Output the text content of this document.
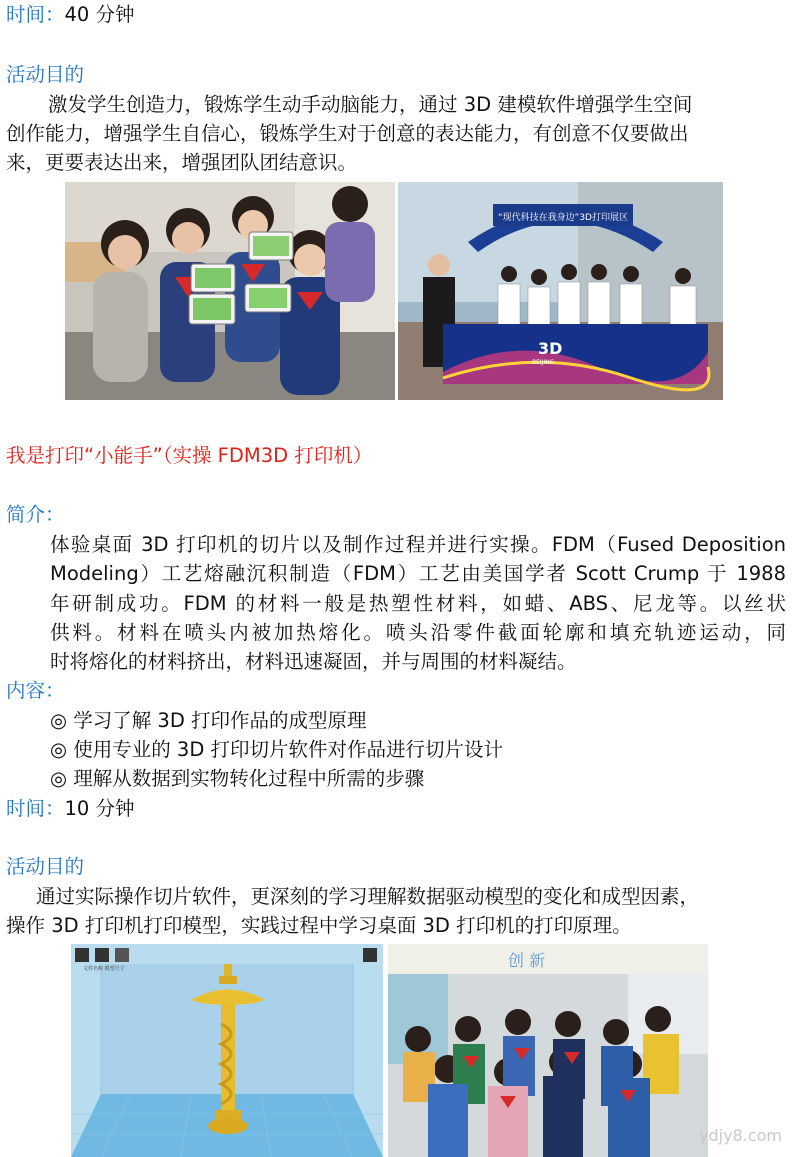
时间：40 分钟
活动目的
激发学生创造力，锻炼学生动手动脑能力，通过 3D 建模软件增强学生空间
创作能力，增强学生自信心，锻炼学生对于创意的表达能力，有创意不仅要做出
来，更要表达出来，增强团队团结意识。
“现代科技在我身边”3D打印展区
3D
BEIJING
我是打印“小能手”（实操 FDM3D 打印机）
简介：
体验桌面 3D 打印机的切片以及制作过程并进行实操。FDM（Fused Deposition
Modeling）工艺熔融沉积制造（FDM）工艺由美国学者 Scott Crump 于 1988
年研制成功。FDM 的材料一般是热塑性材料，如蜡、ABS、尼龙等。以丝状
供料。材料在喷头内被加热熔化。喷头沿零件截面轮廓和填充轨迹运动，同
时将熔化的材料挤出，材料迅速凝固，并与周围的材料凝结。
内容：
◎ 学习了解 3D 打印作品的成型原理
◎ 使用专业的 3D 打印切片软件对作品进行切片设计
◎ 理解从数据到实物转化过程中所需的步骤
时间：10 分钟
活动目的
通过实际操作切片软件，更深刻的学习理解数据驱动模型的变化和成型因素，
操作 3D 打印机打印模型，实践过程中学习桌面 3D 打印机的打印原理。
文件名称 模型尺寸	创 新
ydjy8.com
